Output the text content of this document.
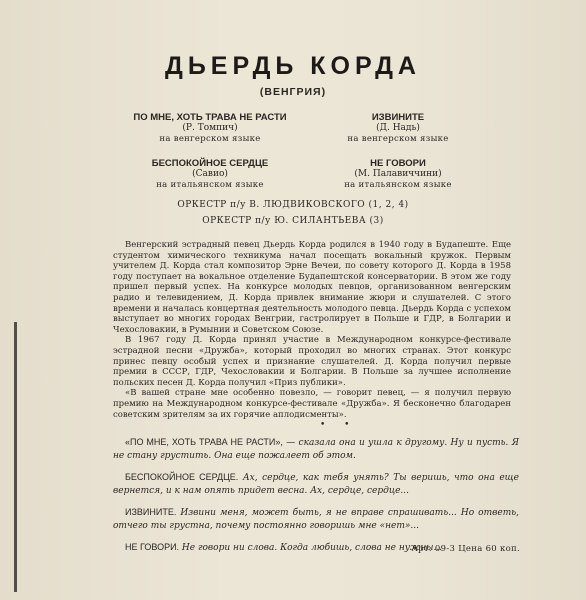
ДЬЕРДЬ КОРДА
(ВЕНГРИЯ)
ПО МНЕ, ХОТЬ ТРАВА НЕ РАСТИ
(Р. Томпич)
на венгерском языке
ИЗВИНИТЕ
(Д. Надь)
на венгерском языке
БЕСПОКОЙНОЕ СЕРДЦЕ
(Савио)
на итальянском языке
НЕ ГОВОРИ
(М. Палавиччини)
на итальянском языке
ОРКЕСТР п/у В. ЛЮДВИКОВСКОГО (1, 2, 4)
ОРКЕСТР п/у Ю. СИЛАНТЬЕВА (3)

Венгерский эстрадный певец Дьердь Корда родился в 1940 году в Будапеште. Еще студентом химического техникума начал посещать вокальный кружок. Первым учителем Д. Корда стал композитор Эрне Вечеи, по совету которого Д. Корда в 1958 году поступает на вокальное отделение Будапештской консерватории. В этом же году пришел первый успех. На конкурсе молодых певцов, организованном венгерским радио и телевидением, Д. Корда привлек внимание жюри и слушателей. С этого времени и началась концертная деятельность молодого певца. Дьердь Корда с успехом выступает во многих городах Венгрии, гастролирует в Польше и ГДР, в Болгарии и Чехословакии, в Румынии и Советском Союзе.

В 1967 году Д. Корда принял участие в Международном конкурсе-фестивале эстрадной песни «Дружба», который проходил во многих странах. Этот конкурс принес певцу особый успех и признание слушателей. Д. Корда получил первые премии в СССР, ГДР, Чехословакии и Болгарии. В Польше за лучшее исполнение польских песен Д. Корда получил «Приз публики».

«В вашей стране мне особенно повезло, — говорит певец, — я получил первую премию на Международном конкурсе-фестивале «Дружба». Я бесконечно благодарен советским зрителям за их горячие аплодисменты».

• •

«ПО МНЕ, ХОТЬ ТРАВА НЕ РАСТИ», — сказала она и ушла к другому. Ну и пусть. Я не стану грустить. Она еще пожалеет об этом.

БЕСПОКОЙНОЕ СЕРДЦЕ. Ах, сердце, как тебя унять? Ты веришь, что она еще вернется, и к нам опять придет весна. Ах, сердце, сердце...

ИЗВИНИТЕ. Извини меня, может быть, я не вправе спрашивать... Но ответь, отчего ты грустна, почему постоянно говоришь мне «нет»...

НЕ ГОВОРИ. Не говори ни слова. Когда любишь, слова не нужны...

Арт. 09-3 Цена 60 коп.
